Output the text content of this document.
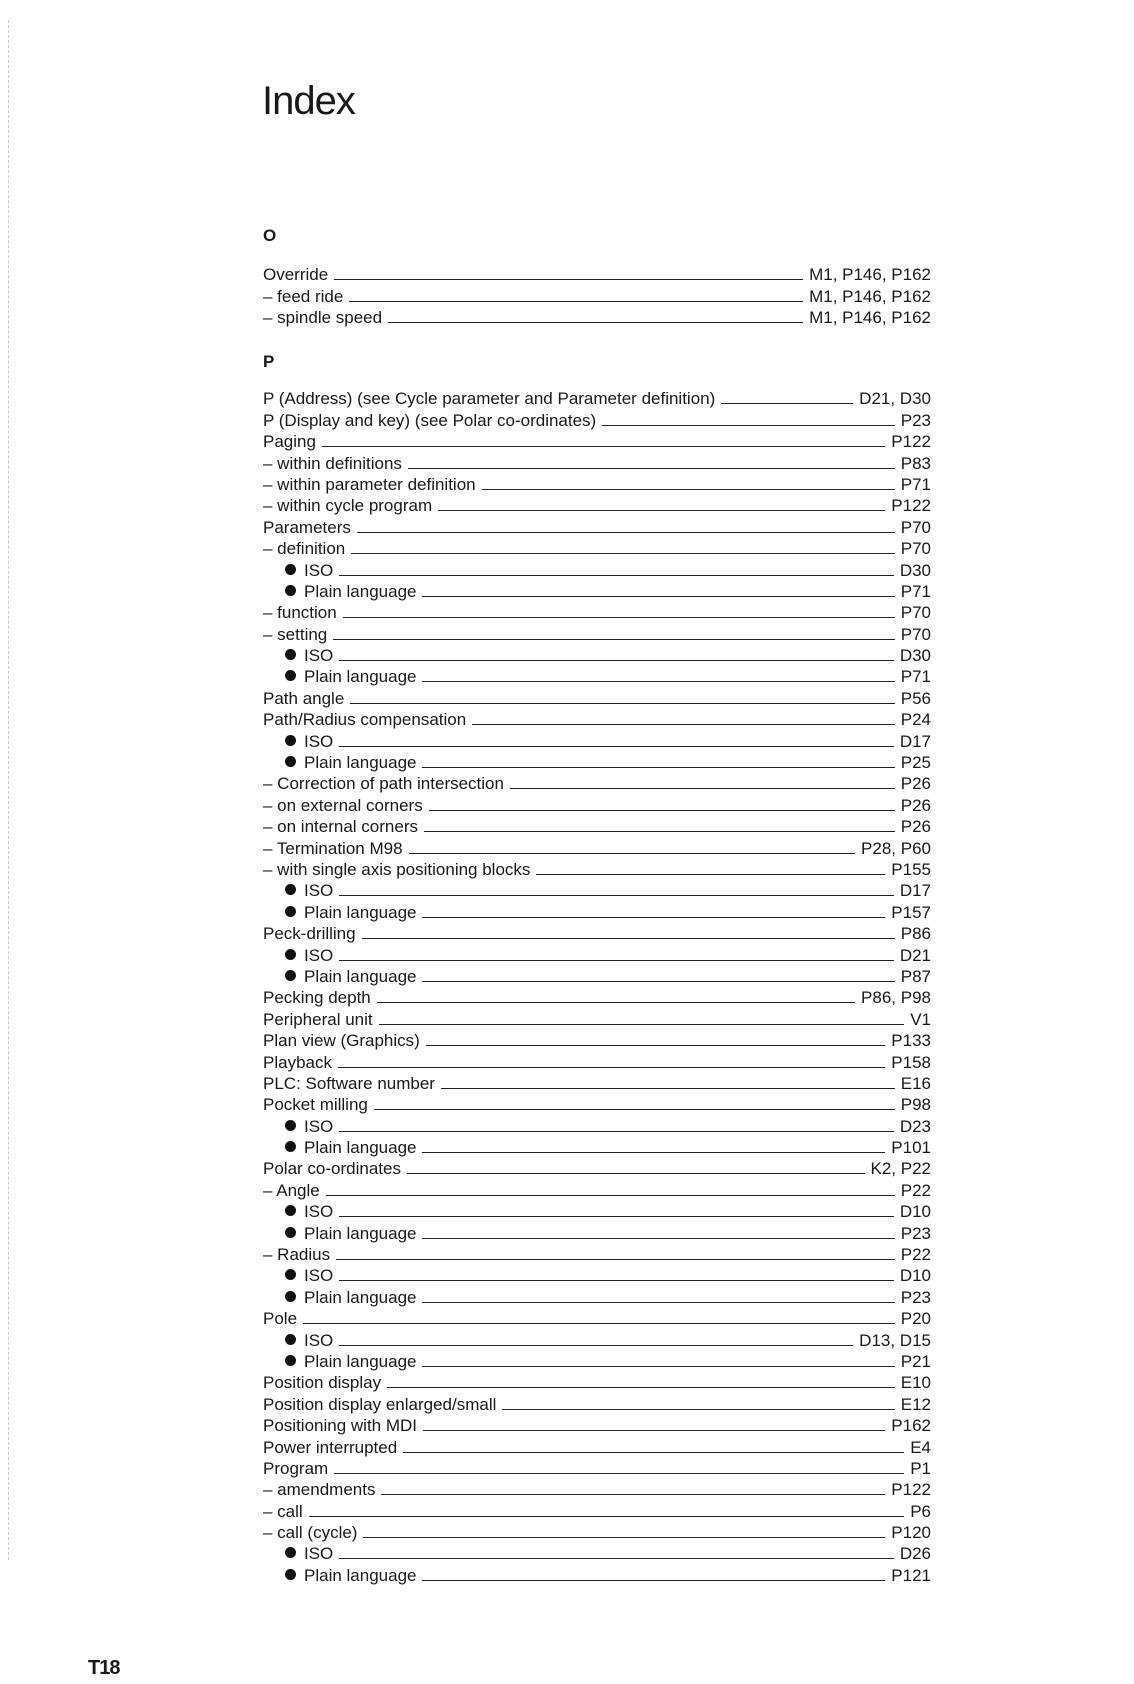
Index
O
Override	M1, P146, P162
– feed ride	M1, P146, P162
– spindle speed	M1, P146, P162
P
P (Address) (see Cycle parameter and Parameter definition)	D21, D30
P (Display and key) (see Polar co-ordinates)	P23
Paging	P122
– within definitions	P83
– within parameter definition	P71
– within cycle program	P122
Parameters	P70
– definition	P70
ISO	D30
Plain language	P71
– function	P70
– setting	P70
ISO	D30
Plain language	P71
Path angle	P56
Path/Radius compensation	P24
ISO	D17
Plain language	P25
– Correction of path intersection	P26
– on external corners	P26
– on internal corners	P26
– Termination M98	P28, P60
– with single axis positioning blocks	P155
ISO	D17
Plain language	P157
Peck-drilling	P86
ISO	D21
Plain language	P87
Pecking depth	P86, P98
Peripheral unit	V1
Plan view (Graphics)	P133
Playback	P158
PLC: Software number	E16
Pocket milling	P98
ISO	D23
Plain language	P101
Polar co-ordinates	K2, P22
– Angle	P22
ISO	D10
Plain language	P23
– Radius	P22
ISO	D10
Plain language	P23
Pole	P20
ISO	D13, D15
Plain language	P21
Position display	E10
Position display enlarged/small	E12
Positioning with MDI	P162
Power interrupted	E4
Program	P1
– amendments	P122
– call	P6
– call (cycle)	P120
ISO	D26
Plain language	P121
T18
